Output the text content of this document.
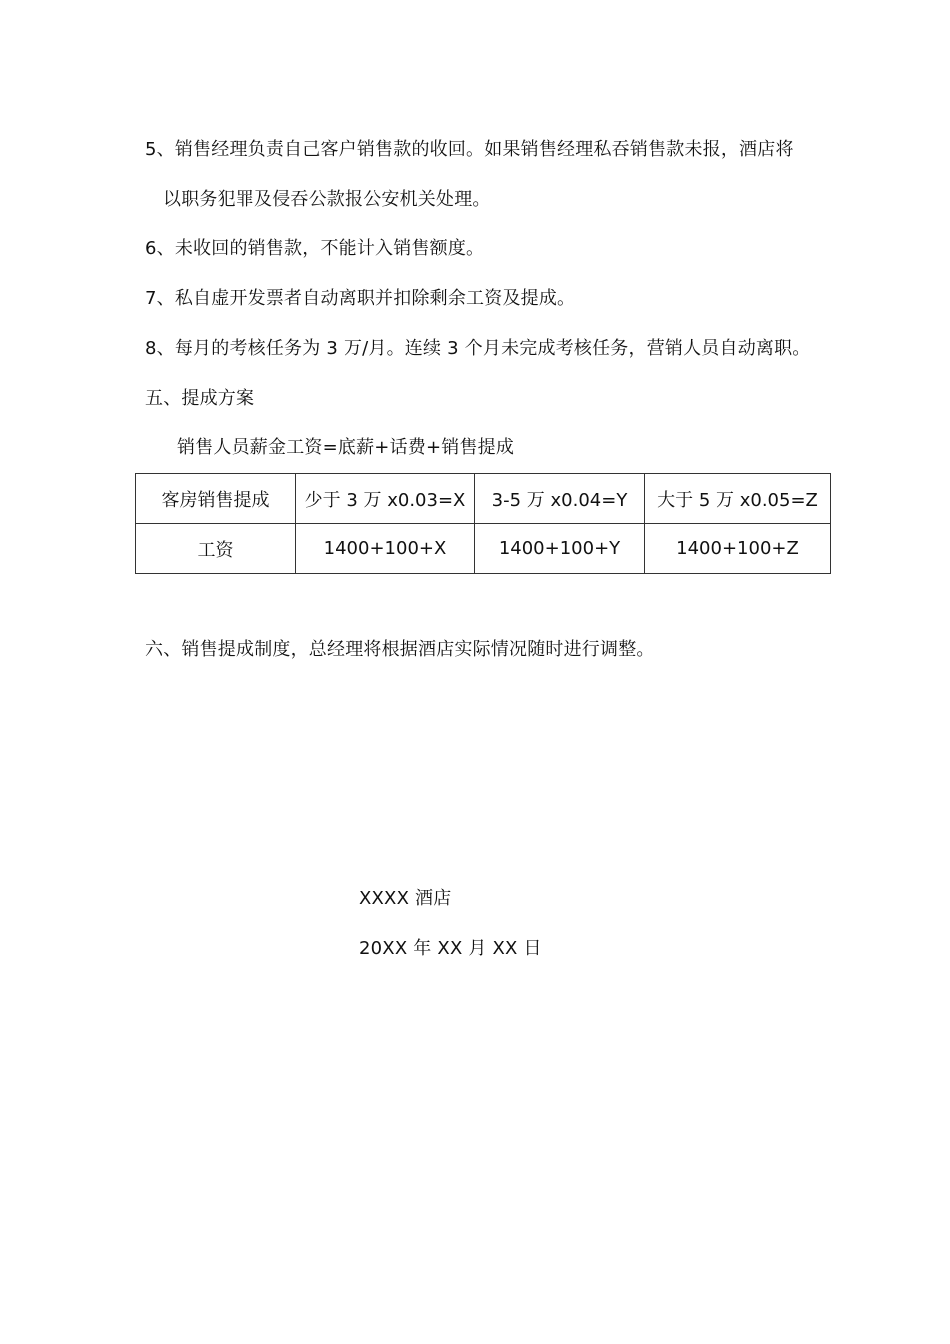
5、销售经理负责自己客户销售款的收回。如果销售经理私吞销售款未报，酒店将
以职务犯罪及侵吞公款报公安机关处理。
6、未收回的销售款，不能计入销售额度。
7、私自虚开发票者自动离职并扣除剩余工资及提成。
8、每月的考核任务为 3 万/月。连续 3 个月未完成考核任务，营销人员自动离职。
五、提成方案
销售人员薪金工资=底薪+话费+销售提成
客房销售提成	少于 3 万 x0.03=X	3-5 万 x0.04=Y	大于 5 万 x0.05=Z
工资	1400+100+X	1400+100+Y	1400+100+Z
六、销售提成制度，总经理将根据酒店实际情况随时进行调整。
XXXX 酒店
20XX 年 XX 月 XX 日
